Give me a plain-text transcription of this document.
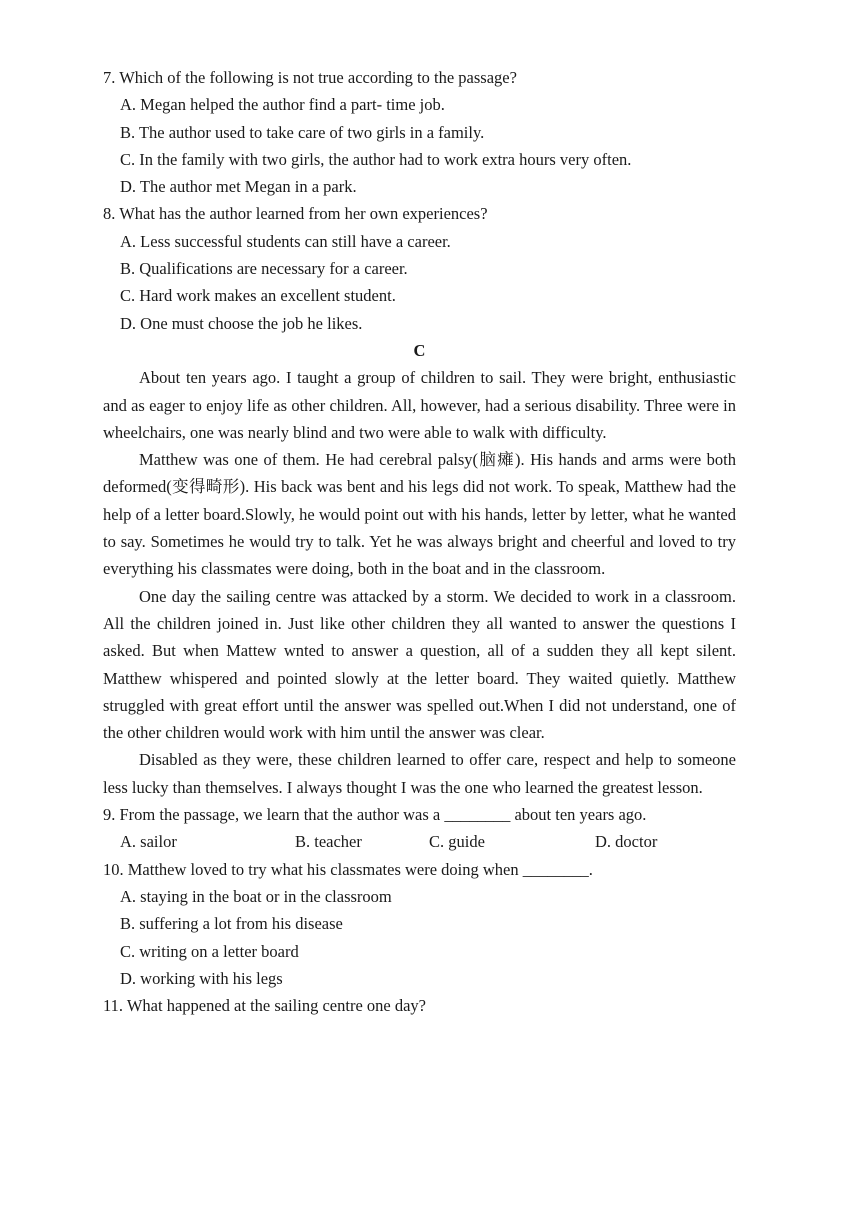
7. Which of the following is not true according to the passage?
A. Megan helped the author find a part- time job.
B. The author used to take care of two girls in a family.
C. In the family with two girls, the author had to work extra hours very often.
D. The author met Megan in a park.
8. What has the author learned from her own experiences?
A. Less successful students can still have a career.
B. Qualifications are necessary for a career.
C. Hard work makes an excellent student.
D. One must choose the job he likes.
C

About ten years ago. I taught a group of children to sail. They were bright, enthusiastic and as eager to enjoy life as other children. All, however, had a serious disability. Three were in wheelchairs, one was nearly blind and two were able to walk with difficulty.

Matthew was one of them. He had cerebral palsy(脑瘫). His hands and arms were both deformed(变得畸形). His back was bent and his legs did not work. To speak, Matthew had the help of a letter board.Slowly, he would point out with his hands, letter by letter, what he wanted to say. Sometimes he would try to talk. Yet he was always bright and cheerful and loved to try everything his classmates were doing, both in the boat and in the classroom.

One day the sailing centre was attacked by a storm. We decided to work in a classroom. All the children joined in. Just like other children they all wanted to answer the questions I asked. But when Mattew wnted to answer a question, all of a sudden they all kept silent. Matthew whispered and pointed slowly at the letter board. They waited quietly. Matthew struggled with great effort until the answer was spelled out.When I did not understand, one of the other children would work with him until the answer was clear.

Disabled as they were, these children learned to offer care, respect and help to someone less lucky than themselves. I always thought I was the one who learned the greatest lesson.

9. From the passage, we learn that the author was a ________ about ten years ago.
A. sailor	B. teacher	C. guide	D. doctor
10. Matthew loved to try what his classmates were doing when ________.
A. staying in the boat or in the classroom
B. suffering a lot from his disease
C. writing on a letter board
D. working with his legs
11. What happened at the sailing centre one day?
